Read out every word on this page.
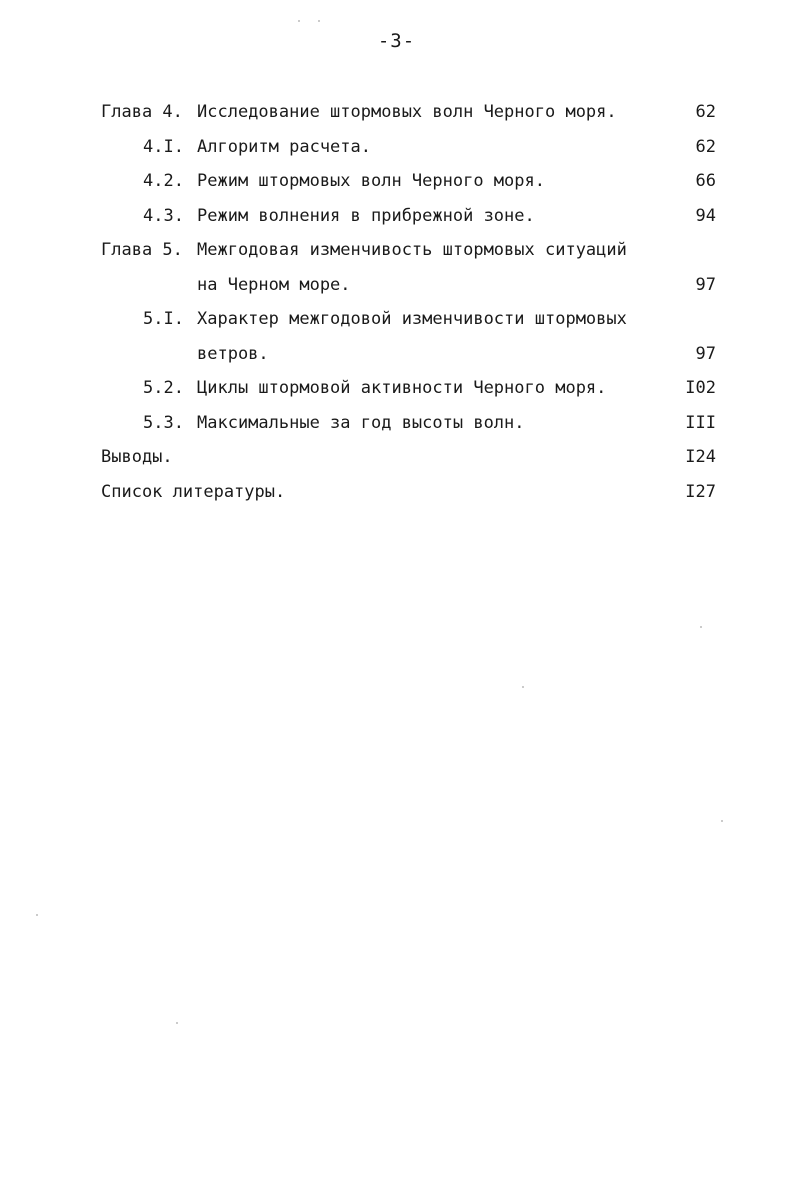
-3-
Глава 4. Исследование штормовых волн Черного моря.	62
4.I. Алгоритм расчета.	62
4.2. Режим штормовых волн Черного моря.	66
4.3. Режим волнения в прибрежной зоне.	94
Глава 5. Межгодовая изменчивость штормовых ситуаций
на Черном море.	97
5.I. Характер межгодовой изменчивости штормовых
ветров.	97
5.2. Циклы штормовой активности Черного моря.	I02
5.3. Максимальные за год высоты волн.	III
Выводы.	I24
Список литературы.	I27
